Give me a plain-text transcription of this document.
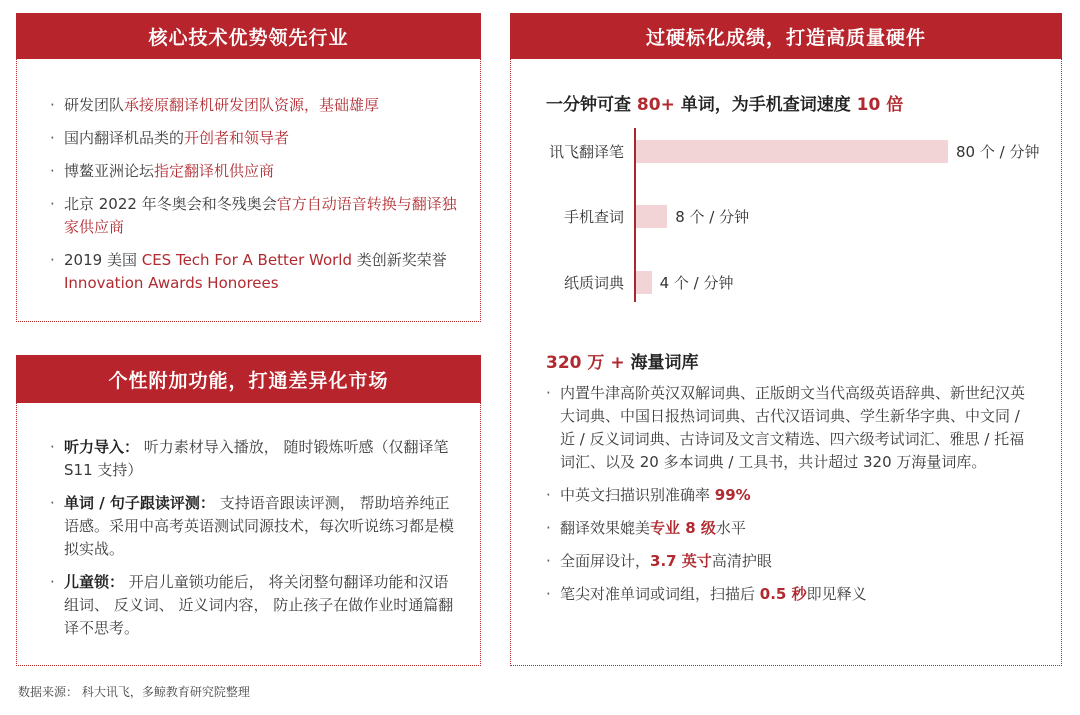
核心技术优势领先行业
· 研发团队承接原翻译机研发团队资源，基础雄厚
· 国内翻译机品类的开创者和领导者
· 博鳌亚洲论坛指定翻译机供应商
· 北京 2022 年冬奥会和冬残奥会官方自动语音转换与翻译独家供应商
· 2019 美国 CES Tech For A Better World 类创新奖荣誉 Innovation Awards Honorees
个性附加功能，打通差异化市场
· 听力导入： 听力素材导入播放， 随时锻炼听感（仅翻译笔 S11 支持）
· 单词 / 句子跟读评测： 支持语音跟读评测， 帮助培养纯正语感。采用中高考英语测试同源技术，每次听说练习都是模拟实战。
· 儿童锁： 开启儿童锁功能后， 将关闭整句翻译功能和汉语组词、 反义词、 近义词内容， 防止孩子在做作业时通篇翻译不思考。
过硬标化成绩，打造高质量硬件
一分钟可查 80+ 单词，为手机查词速度 10 倍
讯飞翻译笔	80 个 / 分钟
手机查词	8 个 / 分钟
纸质词典 4 个 / 分钟
320 万 + 海量词库
· 内置牛津高阶英汉双解词典、正版朗文当代高级英语辞典、新世纪汉英大词典、中国日报热词词典、古代汉语词典、学生新华字典、中文同 / 近 / 反义词词典、古诗词及文言文精选、四六级考试词汇、雅思 / 托福词汇、以及 20 多本词典 / 工具书，共计超过 320 万海量词库。
· 中英文扫描识别准确率 99%
· 翻译效果媲美专业 8 级水平
· 全面屏设计，3.7 英寸高清护眼
· 笔尖对准单词或词组，扫描后 0.5 秒即见释义
数据来源： 科大讯飞，多鲸教育研究院整理
